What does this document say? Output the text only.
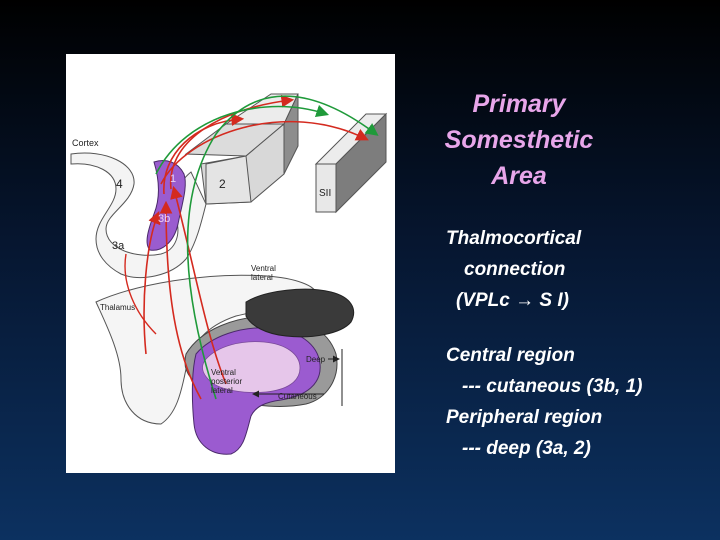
Cortex
4	1	2
3b
3a
SII
Ventral
lateral
Thalamus
Deep
Ventral
posterior
lateral
Cutaneous
Primary
Somesthetic
Area
Thalmocortical
connection
(VPLc → S I)
Central region
--- cutaneous (3b, 1)
Peripheral region
--- deep (3a, 2)
